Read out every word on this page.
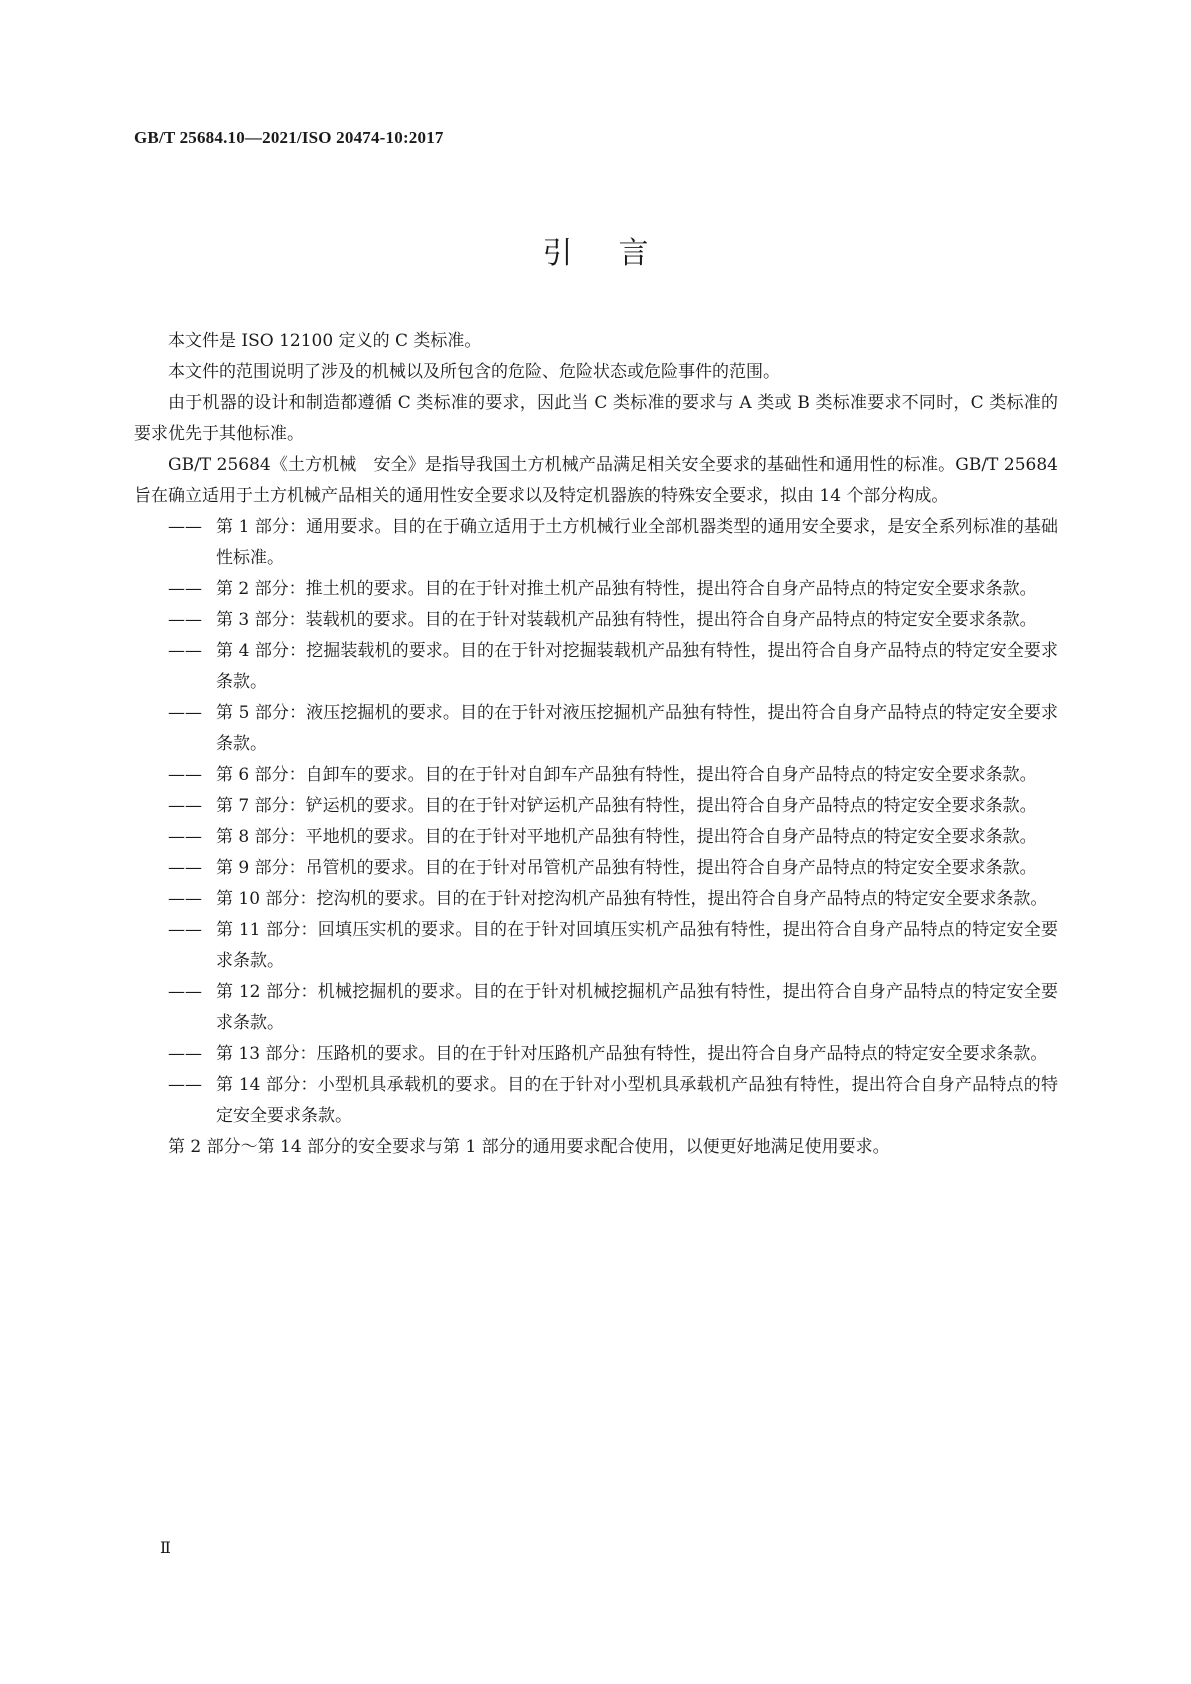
GB/T 25684.10—2021/ISO 20474-10:2017
引言

本文件是 ISO 12100 定义的 C 类标准。

本文件的范围说明了涉及的机械以及所包含的危险、危险状态或危险事件的范围。

由于机器的设计和制造都遵循 C 类标准的要求，因此当 C 类标准的要求与 A 类或 B 类标准要求不同时，C 类标准的要求优先于其他标准。

GB/T 25684《土方机械　安全》是指导我国土方机械产品满足相关安全要求的基础性和通用性的标准。GB/T 25684 旨在确立适用于土方机械产品相关的通用性安全要求以及特定机器族的特殊安全要求，拟由 14 个部分构成。

—— 第 1 部分：通用要求。目的在于确立适用于土方机械行业全部机器类型的通用安全要求，是安全系列标准的基础性标准。
—— 第 2 部分：推土机的要求。目的在于针对推土机产品独有特性，提出符合自身产品特点的特定安全要求条款。
—— 第 3 部分：装载机的要求。目的在于针对装载机产品独有特性，提出符合自身产品特点的特定安全要求条款。
—— 第 4 部分：挖掘装载机的要求。目的在于针对挖掘装载机产品独有特性，提出符合自身产品特点的特定安全要求条款。
—— 第 5 部分：液压挖掘机的要求。目的在于针对液压挖掘机产品独有特性，提出符合自身产品特点的特定安全要求条款。
—— 第 6 部分：自卸车的要求。目的在于针对自卸车产品独有特性，提出符合自身产品特点的特定安全要求条款。
—— 第 7 部分：铲运机的要求。目的在于针对铲运机产品独有特性，提出符合自身产品特点的特定安全要求条款。
—— 第 8 部分：平地机的要求。目的在于针对平地机产品独有特性，提出符合自身产品特点的特定安全要求条款。
—— 第 9 部分：吊管机的要求。目的在于针对吊管机产品独有特性，提出符合自身产品特点的特定安全要求条款。
—— 第 10 部分：挖沟机的要求。目的在于针对挖沟机产品独有特性，提出符合自身产品特点的特定安全要求条款。
—— 第 11 部分：回填压实机的要求。目的在于针对回填压实机产品独有特性，提出符合自身产品特点的特定安全要求条款。
—— 第 12 部分：机械挖掘机的要求。目的在于针对机械挖掘机产品独有特性，提出符合自身产品特点的特定安全要求条款。
—— 第 13 部分：压路机的要求。目的在于针对压路机产品独有特性，提出符合自身产品特点的特定安全要求条款。
—— 第 14 部分：小型机具承载机的要求。目的在于针对小型机具承载机产品独有特性，提出符合自身产品特点的特定安全要求条款。

第 2 部分～第 14 部分的安全要求与第 1 部分的通用要求配合使用，以便更好地满足使用要求。

Ⅱ
